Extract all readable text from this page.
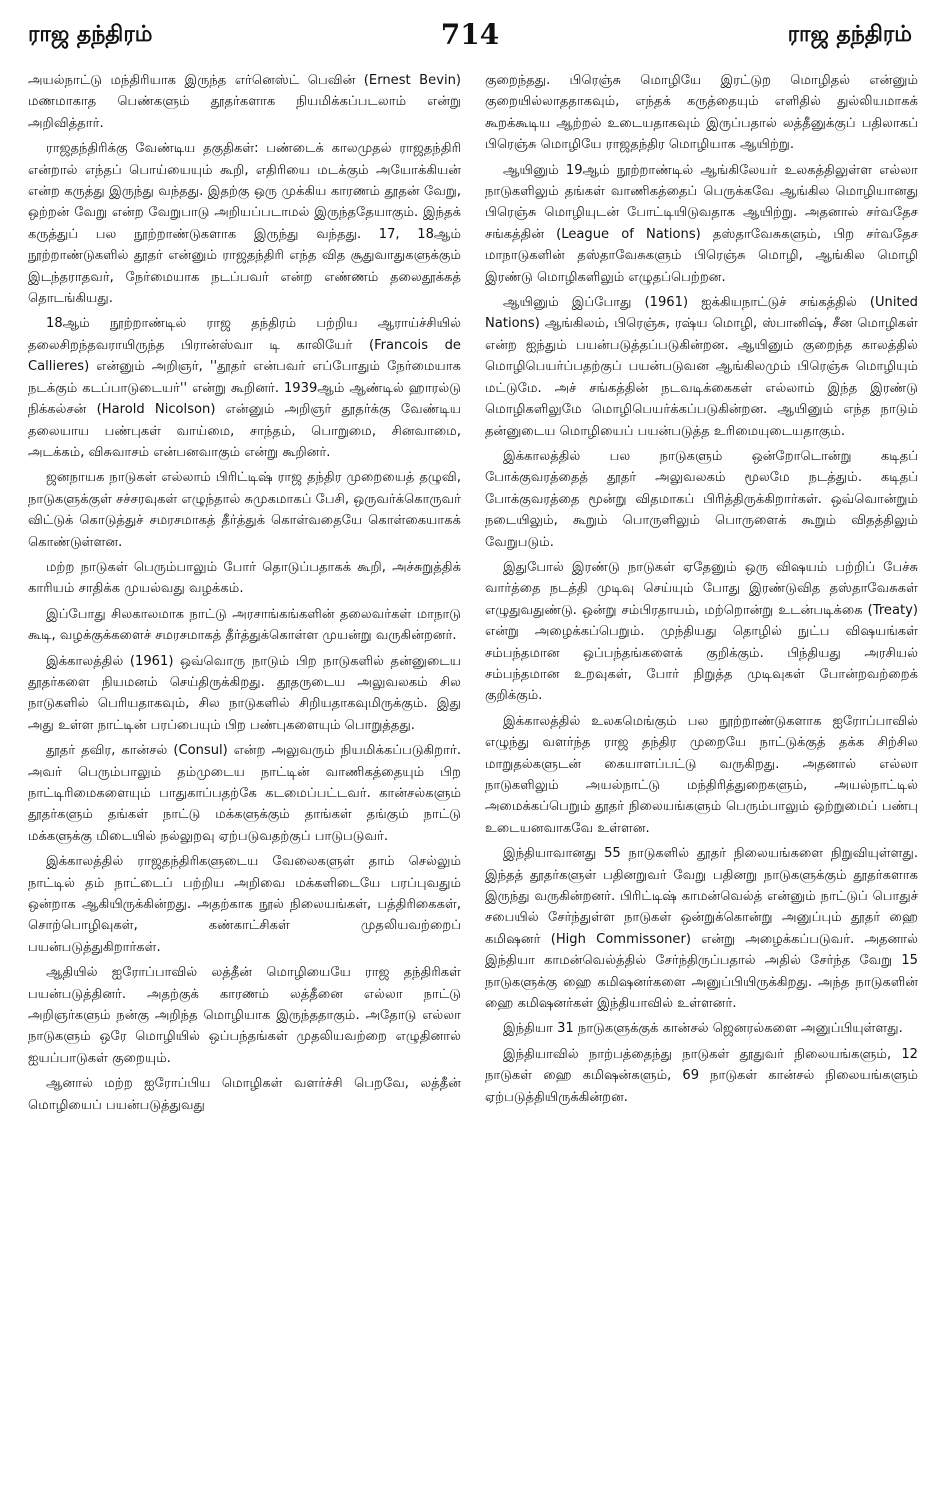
ராஜ தந்திரம்	714	ராஜ தந்திரம்

அயல்நாட்டு மந்திரியாக இருந்த எர்னெஸ்ட் பெவின் (Ernest Bevin) மணமாகாத பெண்களும் தூதர்களாக நியமிக்கப்படலாம் என்று அறிவித்தார்.

ராஜதந்திரிக்கு வேண்டிய தகுதிகள்: பண்டைக் காலமுதல் ராஜதந்திரி என்றால் எந்தப் பொய்யையும் கூறி, எதிரியை மடக்கும் அயோக்கியன் என்ற கருத்து இருந்து வந்தது. இதற்கு ஒரு முக்கிய காரணம் தூதன் வேறு, ஒற்றன் வேறு என்ற வேறுபாடு அறியப்படாமல் இருந்ததேயாகும். இந்தக் கருத்துப் பல நூற்றாண்டுகளாக இருந்து வந்தது. 17, 18ஆம் நூற்றாண்டுகளில் தூதர் என்னும் ராஜதந்திரி எந்த வித சூதுவாதுகளுக்கும் இடந்தராதவர், நேர்மையாக நடப்பவர் என்ற எண்ணம் தலைதூக்கத் தொடங்கியது.

18ஆம் நூற்றாண்டில் ராஜ தந்திரம் பற்றிய ஆராய்ச்சியில் தலைசிறந்தவராயிருந்த பிரான்ஸ்வா டி காலியேர் (Francois de Callieres) என்னும் அறிஞர், ''தூதர் என்பவர் எப்போதும் நேர்மையாக நடக்கும் கடப்பாடுடையர்'' என்று கூறினர். 1939ஆம் ஆண்டில் ஹாரல்டு நிக்கல்சன் (Harold Nicolson) என்னும் அறிஞர் தூதர்க்கு வேண்டிய தலையாய பண்புகள் வாய்மை, சாந்தம், பொறுமை, சினவாமை, அடக்கம், விசுவாசம் என்பனவாகும் என்று கூறினர்.

ஜனநாயக நாடுகள் எல்லாம் பிரிட்டிஷ் ராஜ தந்திர முறையைத் தழுவி, நாடுகளுக்குள் சச்சரவுகள் எழுந்தால் சுமுகமாகப் பேசி, ஒருவர்க்கொருவர் விட்டுக் கொடுத்துச் சமரசமாகத் தீர்த்துக் கொள்வதையே கொள்கையாகக் கொண்டுள்ளன.

மற்ற நாடுகள் பெரும்பாலும் போர் தொடுப்பதாகக் கூறி, அச்சுறுத்திக் காரியம் சாதிக்க முயல்வது வழக்கம்.

இப்போது சிலகாலமாக நாட்டு அரசாங்கங்களின் தலைவர்கள் மாநாடு கூடி, வழக்குக்களைச் சமரசமாகத் தீர்த்துக்கொள்ள முயன்று வருகின்றனர்.

இக்காலத்தில் (1961) ஒவ்வொரு நாடும் பிற நாடுகளில் தன்னுடைய தூதர்களை நியமனம் செய்திருக்கிறது. தூதருடைய அலுவலகம் சில நாடுகளில் பெரியதாகவும், சில நாடுகளில் சிறியதாகவுமிருக்கும். இது அது உள்ள நாட்டின் பரப்பையும் பிற பண்புகளையும் பொறுத்தது.

தூதர் தவிர, கான்சல் (Consul) என்ற அலுவரும் நியமிக்கப்படுகிறார். அவர் பெரும்பாலும் தம்முடைய நாட்டின் வாணிகத்தையும் பிற நாட்டிரிமைகளையும் பாதுகாப்பதற்கே கடமைப்பட்டவர். கான்சல்களும் தூதர்களும் தங்கள் நாட்டு மக்களுக்கும் தாங்கள் தங்கும் நாட்டு மக்களுக்கு மிடையில் நல்லுறவு ஏற்படுவதற்குப் பாடுபடுவர்.

இக்காலத்தில் ராஜதந்திரிகளுடைய வேலைகளுள் தாம் செல்லும் நாட்டில் தம் நாட்டைப் பற்றிய அறிவை மக்களிடையே பரப்புவதும் ஒன்றாக ஆகியிருக்கின்றது. அதற்காக நூல் நிலையங்கள், பத்திரிகைகள், சொற்பொழிவுகள், கண்காட்சிகள் முதலியவற்றைப் பயன்படுத்துகிறார்கள்.

ஆதியில் ஐரோப்பாவில் லத்தீன் மொழியையே ராஜ தந்திரிகள் பயன்படுத்தினர். அதற்குக் காரணம் லத்தீனை எல்லா நாட்டு அறிஞர்களும் நன்கு அறிந்த மொழியாக இருந்ததாகும். அதோடு எல்லா நாடுகளும் ஒரே மொழியில் ஒப்பந்தங்கள் முதலியவற்றை எழுதினால் ஐயப்பாடுகள் குறையும்.

ஆனால் மற்ற ஐரோப்பிய மொழிகள் வளர்ச்சி பெறவே, லத்தீன் மொழியைப் பயன்படுத்துவது

குறைந்தது. பிரெஞ்சு மொழியே இரட்டுற மொழிதல் என்னும் குறையில்லாததாகவும், எந்தக் கருத்தையும் எளிதில் துல்லியமாகக் கூறக்கூடிய ஆற்றல் உடையதாகவும் இருப்பதால் லத்தீனுக்குப் பதிலாகப் பிரெஞ்சு மொழியே ராஜதந்திர மொழியாக ஆயிற்று.

ஆயினும் 19ஆம் நூற்றாண்டில் ஆங்கிலேயர் உலகத்திலுள்ள எல்லா நாடுகளிலும் தங்கள் வாணிகத்தைப் பெருக்கவே ஆங்கில மொழியானது பிரெஞ்சு மொழியுடன் போட்டியிடுவதாக ஆயிற்று. அதனால் சர்வதேச சங்கத்தின் (League of Nations) தஸ்தாவேசுகளும், பிற சர்வதேச மாநாடுகளின் தஸ்தாவேசுகளும் பிரெஞ்சு மொழி, ஆங்கில மொழி இரண்டு மொழிகளிலும் எழுதப்பெற்றன.

ஆயினும் இப்போது (1961) ஐக்கியநாட்டுச் சங்கத்தில் (United Nations) ஆங்கிலம், பிரெஞ்சு, ரஷ்ய மொழி, ஸ்பானிஷ், சீன மொழிகள் என்ற ஐந்தும் பயன்படுத்தப்படுகின்றன. ஆயினும் குறைந்த காலத்தில் மொழிபெயர்ப்பதற்குப் பயன்படுவன ஆங்கிலமும் பிரெஞ்சு மொழியும் மட்டுமே. அச் சங்கத்தின் நடவடிக்கைகள் எல்லாம் இந்த இரண்டு மொழிகளிலுமே மொழிபெயர்க்கப்படுகின்றன. ஆயினும் எந்த நாடும் தன்னுடைய மொழியைப் பயன்படுத்த உரிமையுடையதாகும்.

இக்காலத்தில் பல நாடுகளும் ஒன்றோடொன்று கடிதப் போக்குவரத்தைத் தூதர் அலுவலகம் மூலமே நடத்தும். கடிதப் போக்குவரத்தை மூன்று விதமாகப் பிரித்திருக்கிறார்கள். ஒவ்வொன்றும் நடையிலும், கூறும் பொருளிலும் பொருளைக் கூறும் விதத்திலும் வேறுபடும்.

இதுபோல் இரண்டு நாடுகள் ஏதேனும் ஒரு விஷயம் பற்றிப் பேச்சு வார்த்தை நடத்தி முடிவு செய்யும் போது இரண்டுவித தஸ்தாவேசுகள் எழுதுவதுண்டு. ஒன்று சம்பிரதாயம், மற்றொன்று உடன்படிக்கை (Treaty) என்று அழைக்கப்பெறும். முந்தியது தொழில் நுட்ப விஷயங்கள் சம்பந்தமான ஒப்பந்தங்களைக் குறிக்கும். பிந்தியது அரசியல் சம்பந்தமான உறவுகள், போர் நிறுத்த முடிவுகள் போன்றவற்றைக் குறிக்கும்.

இக்காலத்தில் உலகமெங்கும் பல நூற்றாண்டுகளாக ஐரோப்பாவில் எழுந்து வளர்ந்த ராஜ தந்திர முறையே நாட்டுக்குத் தக்க சிற்சில மாறுதல்களுடன் கையாளப்பட்டு வருகிறது. அதனால் எல்லா நாடுகளிலும் அயல்நாட்டு மந்திரித்துறைகளும், அயல்நாட்டில் அமைக்கப்பெறும் தூதர் நிலையங்களும் பெரும்பாலும் ஒற்றுமைப் பண்பு உடையனவாகவே உள்ளன.

இந்தியாவானது 55 நாடுகளில் தூதர் நிலையங்களை நிறுவியுள்ளது. இந்தத் தூதர்களுள் பதினறுவர் வேறு பதினறு நாடுகளுக்கும் தூதர்களாக இருந்து வருகின்றனர். பிரிட்டிஷ் காமன்வெல்த் என்னும் நாட்டுப் பொதுச் சபையில் சேர்ந்துள்ள நாடுகள் ஒன்றுக்கொன்று அனுப்பும் தூதர் ஹை கமிஷனர் (High Commissoner) என்று அழைக்கப்படுவர். அதனால் இந்தியா காமன்வெல்த்தில் சேர்ந்திருப்பதால் அதில் சேர்ந்த வேறு 15 நாடுகளுக்கு ஹை கமிஷனர்களை அனுப்பியிருக்கிறது. அந்த நாடுகளின் ஹை கமிஷனர்கள் இந்தியாவில் உள்ளனர்.

இந்தியா 31 நாடுகளுக்குக் கான்சல் ஜெனரல்களை அனுப்பியுள்ளது.

இந்தியாவில் நாற்பத்தைந்து நாடுகள் தூதுவர் நிலையங்களும், 12 நாடுகள் ஹை கமிஷன்களும், 69 நாடுகள் கான்சல் நிலையங்களும் ஏற்படுத்தியிருக்கின்றன.
